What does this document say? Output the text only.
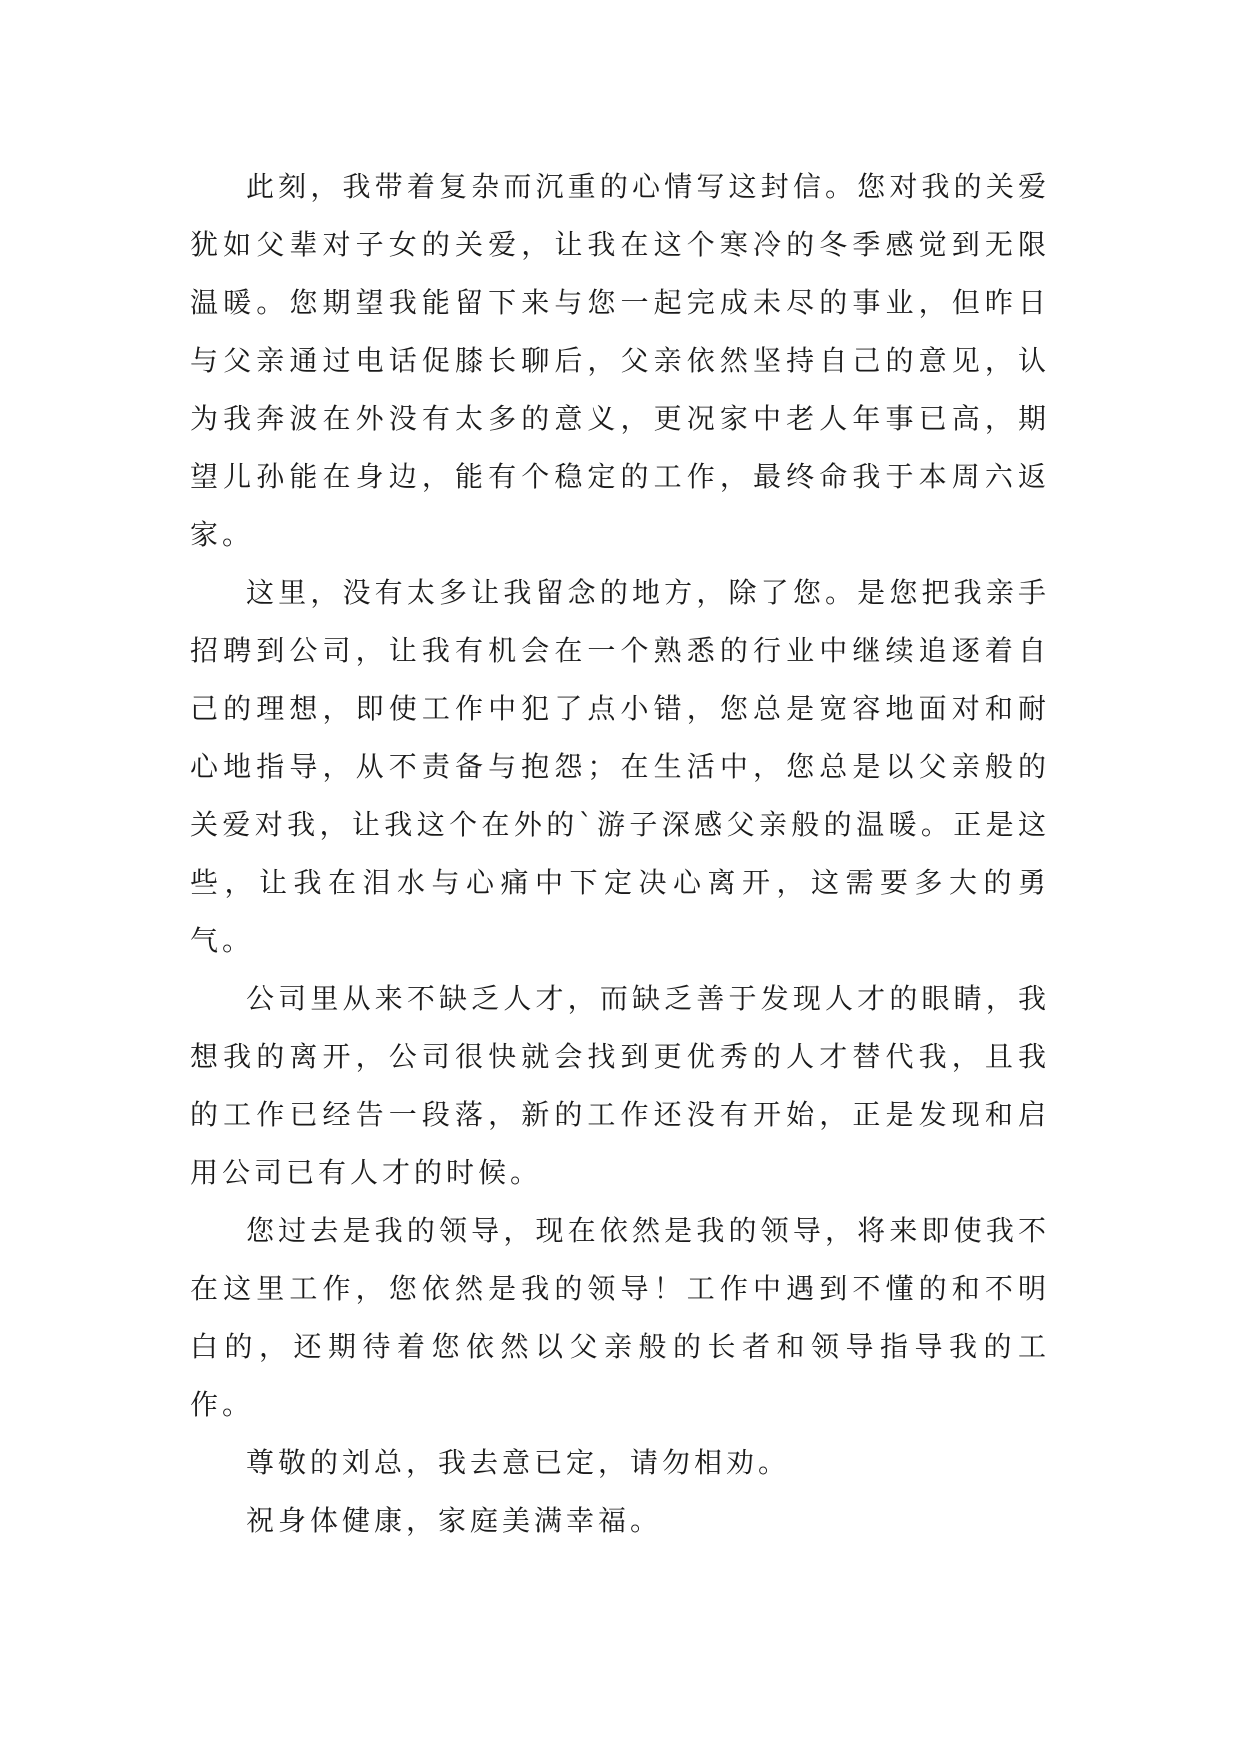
此刻，我带着复杂而沉重的心情写这封信。您对我的关爱犹如父辈对子女的关爱，让我在这个寒冷的冬季感觉到无限温暖。您期望我能留下来与您一起完成未尽的事业，但昨日与父亲通过电话促膝长聊后，父亲依然坚持自己的意见，认为我奔波在外没有太多的意义，更况家中老人年事已高，期望儿孙能在身边，能有个稳定的工作，最终命我于本周六返家。

这里，没有太多让我留念的地方，除了您。是您把我亲手招聘到公司，让我有机会在一个熟悉的行业中继续追逐着自己的理想，即使工作中犯了点小错，您总是宽容地面对和耐心地指导，从不责备与抱怨；在生活中，您总是以父亲般的关爱对我，让我这个在外的`游子深感父亲般的温暖。正是这些，让我在泪水与心痛中下定决心离开，这需要多大的勇气。

公司里从来不缺乏人才，而缺乏善于发现人才的眼睛，我想我的离开，公司很快就会找到更优秀的人才替代我，且我的工作已经告一段落，新的工作还没有开始，正是发现和启用公司已有人才的时候。

您过去是我的领导，现在依然是我的领导，将来即使我不在这里工作，您依然是我的领导！工作中遇到不懂的和不明白的，还期待着您依然以父亲般的长者和领导指导我的工作。

尊敬的刘总，我去意已定，请勿相劝。

祝身体健康，家庭美满幸福。
